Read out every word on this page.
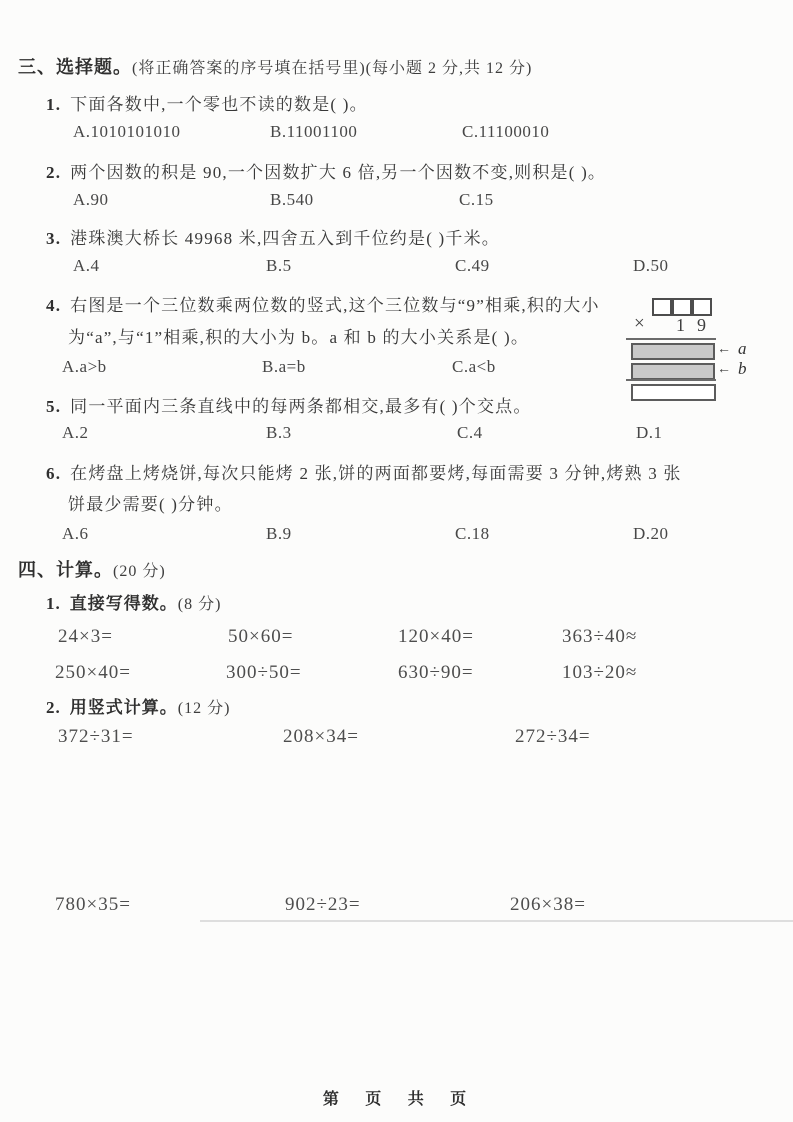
三、选择题。(将正确答案的序号填在括号里)(每小题 2 分,共 12 分)
1. 下面各数中,一个零也不读的数是( )。
A.1010101010	B.11001100	C.11100010
2. 两个因数的积是 90,一个因数扩大 6 倍,另一个因数不变,则积是( )。
A.90	B.540	C.15
3. 港珠澳大桥长 49968 米,四舍五入到千位约是( )千米。
A.4	B.5	C.49	D.50
4. 右图是一个三位数乘两位数的竖式,这个三位数与“9”相乘,积的大小
为“a”,与“1”相乘,积的大小为 b。a 和 b 的大小关系是( )。
A.a>b	B.a=b	C.a<b
× 19
← a
← b
5. 同一平面内三条直线中的每两条都相交,最多有( )个交点。
A.2	B.3	C.4	D.1
6. 在烤盘上烤烧饼,每次只能烤 2 张,饼的两面都要烤,每面需要 3 分钟,烤熟 3 张
饼最少需要( )分钟。
A.6	B.9	C.18	D.20
四、计算。(20 分)
1. 直接写得数。(8 分)
24×3=	50×60=	120×40=	363÷40≈
250×40=	300÷50=	630÷90=	103÷20≈
2. 用竖式计算。(12 分)
372÷31=	208×34=	272÷34=
780×35=	902÷23=	206×38=
第 页 共 页
